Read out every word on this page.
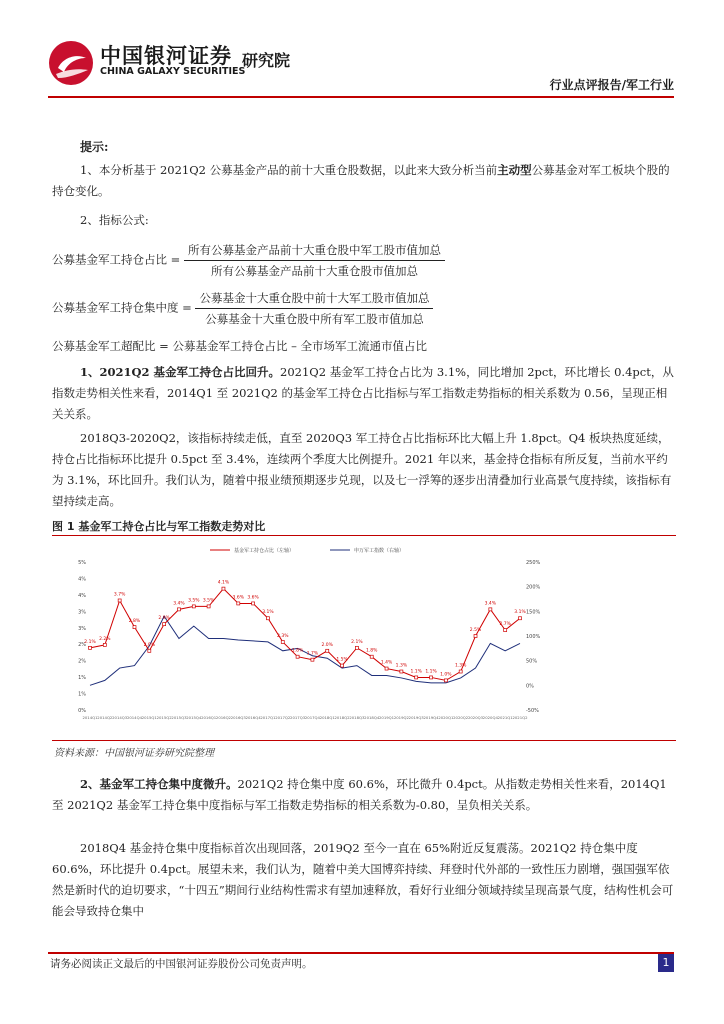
中国银河证券
CHINA GALAXY SECURITIES
研究院
行业点评报告/军工行业
提示:
1、本分析基于 2021Q2 公募基金产品的前十大重仓股数据，以此来大致分析当前主动型公募基金对军工板块个股的持仓变化。
2、指标公式:
公募基金军工持仓占比 = $\frac{\text{所有公募基金产品前十大重仓股中军工股市值加总}}{\text{所有公募基金产品前十大重仓股市值加总}}$
公募基金军工持仓集中度 = $\frac{\text{公募基金十大重仓股中前十大军工股市值加总}}{\text{公募基金十大重仓股中所有军工股市值加总}}$
公募基金军工超配比 = 公募基金军工持仓占比 – 全市场军工流通市值占比
1、2021Q2 基金军工持仓占比回升。2021Q2 基金军工持仓占比为 3.1%，同比增加 2pct，环比增长 0.4pct，从指数走势相关性来看，2014Q1 至 2021Q2 的基金军工持仓占比指标与军工指数走势指标的相关系数为 0.56，呈现正相关关系。
2018Q3-2020Q2，该指标持续走低，直至 2020Q3 军工持仓占比指标环比大幅上升 1.8pct。Q4 板块热度延续，持仓占比指标环比提升 0.5pct 至 3.4%，连续两个季度大比例提升。2021 年以来，基金持仓指标有所反复，当前水平约为 3.1%，环比回升。我们认为，随着中报业绩预期逐步兑现，以及七一浮筹的逐步出清叠加行业高景气度持续，该指标有望持续走高。
图 1 基金军工持仓占比与军工指数走势对比
0%
1%
1%
2%
2%
3%
3%
4%
4%
5%
-50%
0%
50%
100%
150%
200%
250%
2014Q1 2014Q2 2014Q3 2014Q4 2015Q1 2015Q2 2015Q3 2015Q4 2016Q1 2016Q2 2016Q3 2016Q4 2017Q1 2017Q2 2017Q3 2017Q4 2018Q1 2018Q2 2018Q3 2018Q4 2019Q1 2019Q2 2019Q3 2019Q4 2020Q1 2020Q2 2020Q3 2020Q4 2021Q1 2021Q2
基金军工持仓占比（左轴）	申万军工指数（右轴）
2.1%
2.2%
3.7%
2.8%
2.0%
2.9%
3.4%
3.5% 3.5%
4.1%
3.6% 3.6%
3.1%
2.3%
1.8%
1.7%
2.0%
1.5%
2.1%
1.8%
1.4%
1.3%
1.1% 1.1%
1.0%
1.3%
2.5%
3.4%
2.7%
3.1%
资料来源：中国银河证券研究院整理
2、基金军工持仓集中度微升。2021Q2 持仓集中度 60.6%，环比微升 0.4pct。从指数走势相关性来看，2014Q1 至 2021Q2 基金军工持仓集中度指标与军工指数走势指标的相关系数为-0.80，呈负相关关系。
2018Q4 基金持仓集中度指标首次出现回落，2019Q2 至今一直在 65%附近反复震荡。2021Q2 持仓集中度 60.6%，环比提升 0.4pct。展望未来，我们认为，随着中美大国博弈持续、拜登时代外部的一致性压力剧增，强国强军依然是新时代的迫切要求，“十四五”期间行业结构性需求有望加速释放，看好行业细分领域持续呈现高景气度，结构性机会可能会导致持仓集中
请务必阅读正文最后的中国银河证券股份公司免责声明。	1
